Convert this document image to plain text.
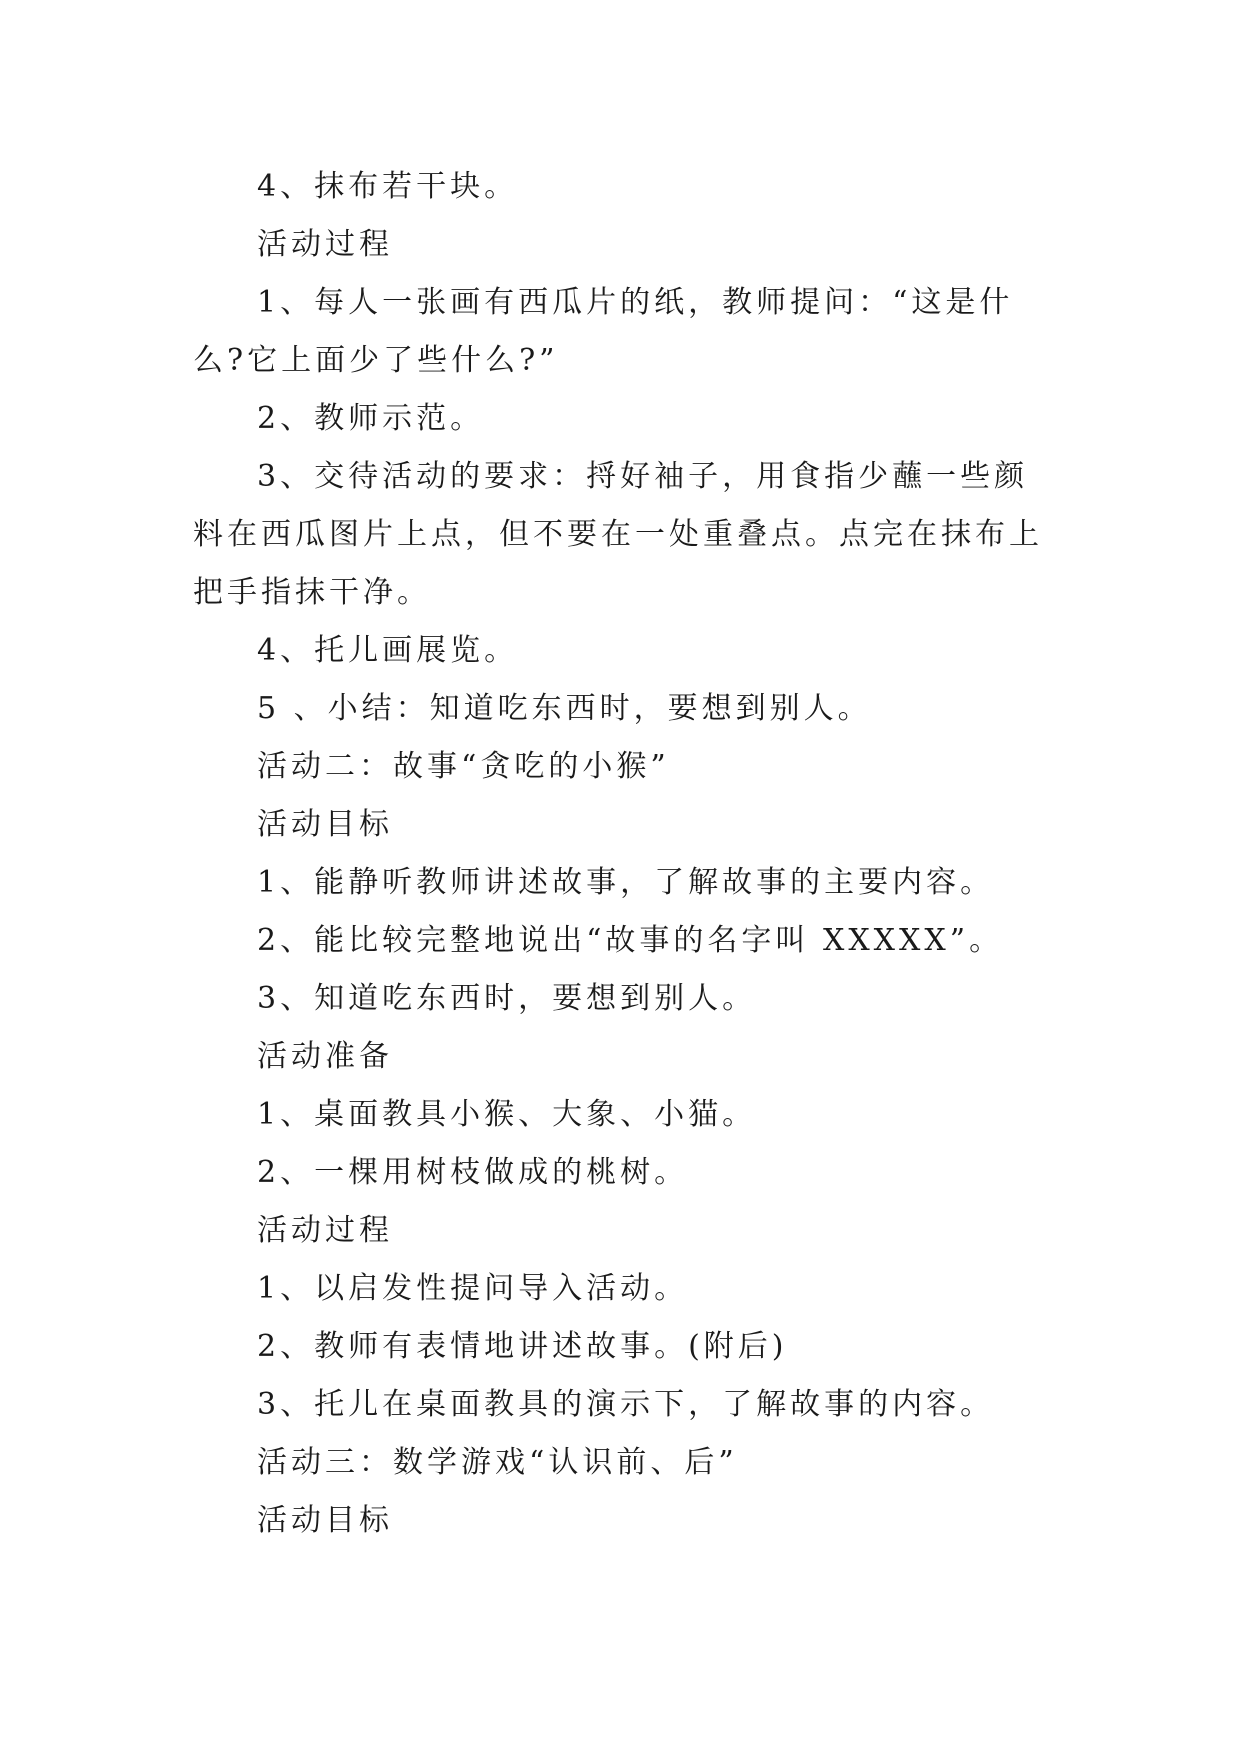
4、抹布若干块。

活动过程

1、每人一张画有西瓜片的纸，教师提问：“这是什么?它上面少了些什么?”

2、教师示范。

3、交待活动的要求：捋好袖子，用食指少蘸一些颜料在西瓜图片上点，但不要在一处重叠点。点完在抹布上把手指抹干净。

4、托儿画展览。

5 、小结：知道吃东西时，要想到别人。

活动二：故事“贪吃的小猴”

活动目标

1、能静听教师讲述故事，了解故事的主要内容。

2、能比较完整地说出“故事的名字叫 XXXXX”。

3、知道吃东西时，要想到别人。

活动准备

1、桌面教具小猴、大象、小猫。

2、一棵用树枝做成的桃树。

活动过程

1、以启发性提问导入活动。

2、教师有表情地讲述故事。(附后)

3、托儿在桌面教具的演示下，了解故事的内容。

活动三：数学游戏“认识前、后”

活动目标
